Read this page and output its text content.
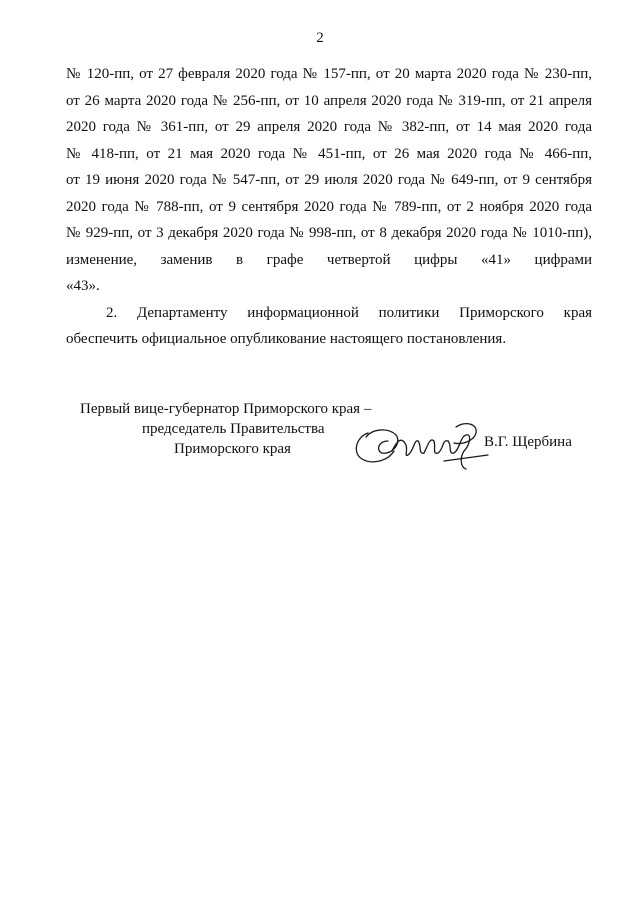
2
№ 120-пп, от 27 февраля 2020 года № 157-пп, от 20 марта 2020 года № 230-пп,
от 26 марта 2020 года № 256-пп, от 10 апреля 2020 года № 319-пп, от 21 апреля
2020 года № 361-пп, от 29 апреля 2020 года № 382-пп, от 14 мая 2020 года
№ 418-пп, от 21 мая 2020 года № 451-пп, от 26 мая 2020 года № 466-пп,
от 19 июня 2020 года № 547-пп, от 29 июля 2020 года № 649-пп, от 9 сентября
2020 года № 788-пп, от 9 сентября 2020 года № 789-пп, от 2 ноября 2020 года
№ 929-пп, от 3 декабря 2020 года № 998-пп, от 8 декабря 2020 года № 1010-пп),
изменение, заменив в графе четвертой цифры «41» цифрами
«43».
2. Департаменту информационной политики Приморского края
обеспечить официальное опубликование настоящего постановления.
Первый вице-губернатор Приморского края –
председатель Правительства
Приморского края	В.Г. Щербина
